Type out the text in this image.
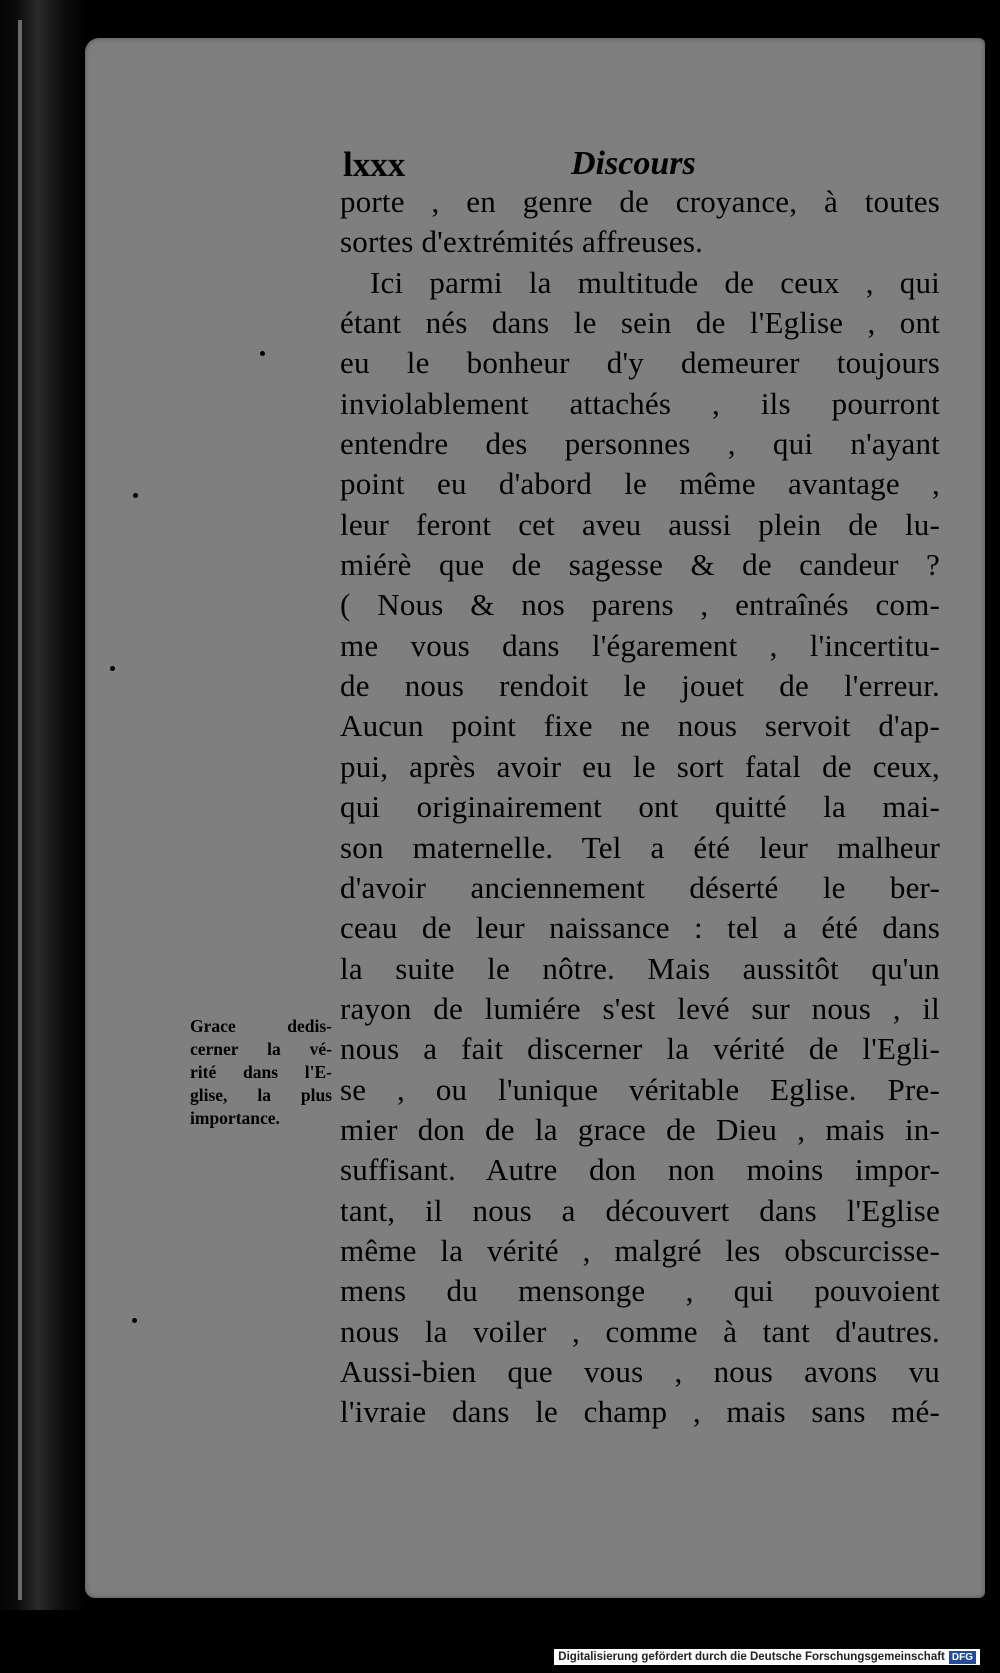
lxxx	Discours
porte , en genre de croyance, à toutes
sortes d'extrémités affreuses.
Ici parmi la multitude de ceux , qui
étant nés dans le sein de l'Eglise , ont
eu le bonheur d'y demeurer toujours
inviolablement attachés , ils pourront
entendre des personnes , qui n'ayant
point eu d'abord le même avantage ,
leur feront cet aveu aussi plein de lu-
miérè que de sagesse & de candeur ?
( Nous & nos parens , entraînés com-
me vous dans l'égarement , l'incertitu-
de nous rendoit le jouet de l'erreur.
Aucun point fixe ne nous servoit d'ap-
pui, après avoir eu le sort fatal de ceux,
qui originairement ont quitté la mai-
son maternelle. Tel a été leur malheur
d'avoir anciennement déserté le ber-
ceau de leur naissance : tel a été dans
la suite le nôtre. Mais aussitôt qu'un
rayon de lumiére s'est levé sur nous , il
nous a fait discerner la vérité de l'Egli-
se , ou l'unique véritable Eglise. Pre-
mier don de la grace de Dieu , mais in-
suffisant. Autre don non moins impor-
tant, il nous a découvert dans l'Eglise
même la vérité , malgré les obscurcisse-
mens du mensonge , qui pouvoient
nous la voiler , comme à tant d'autres.
Aussi-bien que vous , nous avons vu
l'ivraie dans le champ , mais sans mé-
Grace dedis-
cerner la vé-
rité dans l'E-
glise, la plus
importance.
Digitalisierung gefördert durch die Deutsche Forschungsgemeinschaft DFG
